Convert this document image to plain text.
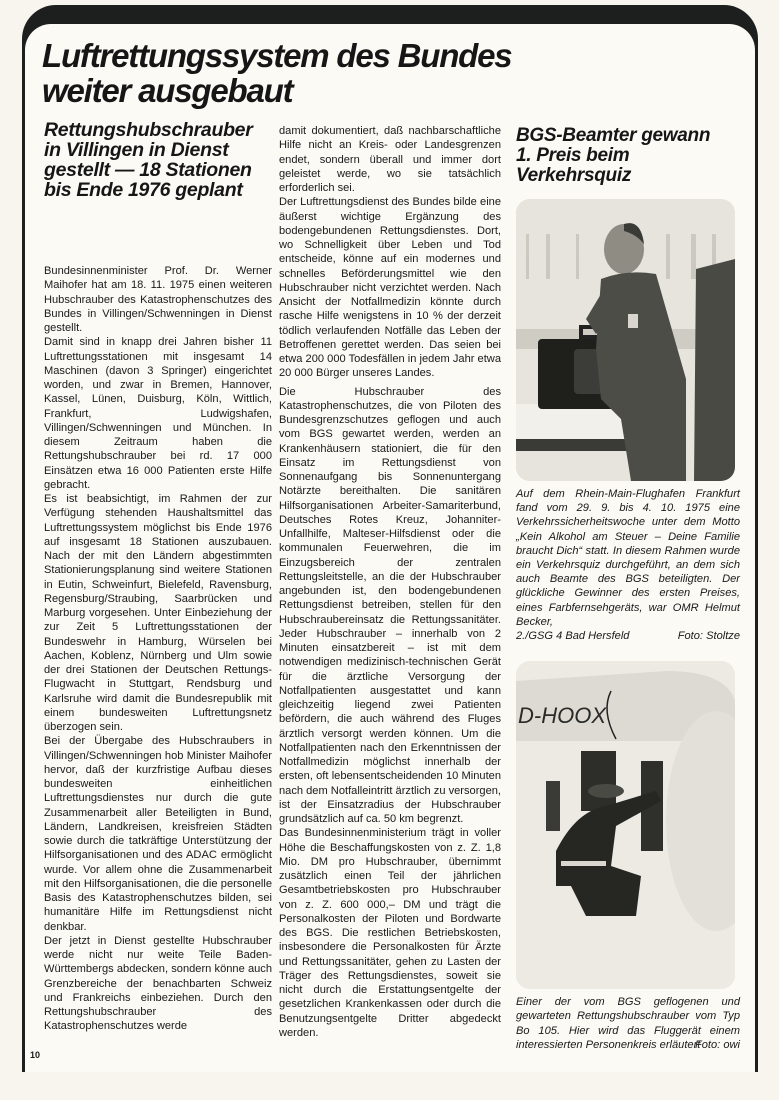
Luftrettungssystem des Bundes
weiter ausgebaut
Rettungshubschrauber in Villingen in Dienst gestellt — 18 Stationen bis Ende 1976 geplant

Bundesinnenminister Prof. Dr. Werner Maihofer hat am 18. 11. 1975 einen weiteren Hubschrauber des Katastrophenschutzes des Bundes in Villingen/Schwenningen in Dienst gestellt.

Damit sind in knapp drei Jahren bisher 11 Luftrettungsstationen mit insgesamt 14 Maschinen (davon 3 Springer) eingerichtet worden, und zwar in Bremen, Hannover, Kassel, Lünen, Duisburg, Köln, Wittlich, Frankfurt, Ludwigshafen, Villingen/Schwenningen und München. In diesem Zeitraum haben die Rettungshubschrauber bei rd. 17 000 Einsätzen etwa 16 000 Patienten erste Hilfe gebracht.

Es ist beabsichtigt, im Rahmen der zur Verfügung stehenden Haushaltsmittel das Luftrettungssystem möglichst bis Ende 1976 auf insgesamt 18 Stationen auszubauen. Nach der mit den Ländern abgestimmten Stationierungsplanung sind weitere Stationen in Eutin, Schweinfurt, Bielefeld, Ravensburg, Regensburg/Straubing, Saarbrücken und Marburg vorgesehen. Unter Einbeziehung der zur Zeit 5 Luftrettungsstationen der Bundeswehr in Hamburg, Würselen bei Aachen, Koblenz, Nürnberg und Ulm sowie der drei Stationen der Deutschen Rettungs-Flugwacht in Stuttgart, Rendsburg und Karlsruhe wird damit die Bundesrepublik mit einem bundesweiten Luftrettungsnetz überzogen sein.

Bei der Übergabe des Hubschraubers in Villingen/Schwenningen hob Minister Maihofer hervor, daß der kurzfristige Aufbau dieses bundesweiten einheitlichen Luftrettungsdienstes nur durch die gute Zusammenarbeit aller Beteiligten in Bund, Ländern, Landkreisen, kreisfreien Städten sowie durch die tatkräftige Unterstützung der Hilfsorganisationen und des ADAC ermöglicht wurde. Vor allem ohne die Zusammenarbeit mit den Hilfsorganisationen, die die personelle Basis des Katastrophenschutzes bilden, sei humanitäre Hilfe im Rettungsdienst nicht denkbar.

Der jetzt in Dienst gestellte Hubschrauber werde nicht nur weite Teile Baden-Württembergs abdecken, sondern könne auch Grenzbereiche der benachbarten Schweiz und Frankreichs einbeziehen. Durch den Rettungshubschrauber des Katastrophenschutzes werde

damit dokumentiert, daß nachbarschaftliche Hilfe nicht an Kreis- oder Landesgrenzen endet, sondern überall und immer dort geleistet werde, wo sie tatsächlich erforderlich sei.

Der Luftrettungsdienst des Bundes bilde eine äußerst wichtige Ergänzung des bodengebundenen Rettungsdienstes. Dort, wo Schnelligkeit über Leben und Tod entscheide, könne auf ein modernes und schnelles Beförderungsmittel wie den Hubschrauber nicht verzichtet werden. Nach Ansicht der Notfallmedizin könnte durch rasche Hilfe wenigstens in 10 % der derzeit tödlich verlaufenden Notfälle das Leben der Betroffenen gerettet werden. Das seien bei etwa 200 000 Todesfällen in jedem Jahr etwa 20 000 Bürger unseres Landes.

Die Hubschrauber des Katastrophenschutzes, die von Piloten des Bundesgrenzschutzes geflogen und auch vom BGS gewartet werden, werden an Krankenhäusern stationiert, die für den Einsatz im Rettungsdienst von Sonnenaufgang bis Sonnenuntergang Notärzte bereithalten. Die sanitären Hilfsorganisationen Arbeiter-Samariterbund, Deutsches Rotes Kreuz, Johanniter-Unfallhilfe, Malteser-Hilfsdienst oder die kommunalen Feuerwehren, die im Einzugsbereich der zentralen Rettungsleitstelle, an die der Hubschrauber angebunden ist, den bodengebundenen Rettungsdienst betreiben, stellen für den Hubschraubereinsatz die Rettungssanitäter. Jeder Hubschrauber – innerhalb von 2 Minuten einsatzbereit – ist mit dem notwendigen medizinisch-technischen Gerät für die ärztliche Versorgung der Notfallpatienten ausgestattet und kann gleichzeitig liegend zwei Patienten befördern, die auch während des Fluges ärztlich versorgt werden können. Um die Notfallpatienten nach den Erkenntnissen der Notfallmedizin möglichst innerhalb der ersten, oft lebensentscheidenden 10 Minuten nach dem Notfalleintritt ärztlich zu versorgen, ist der Einsatzradius der Hubschrauber grundsätzlich auf ca. 50 km begrenzt.

Das Bundesinnenministerium trägt in voller Höhe die Beschaffungskosten von z. Z. 1,8 Mio. DM pro Hubschrauber, übernimmt zusätzlich einen Teil der jährlichen Gesamtbetriebskosten pro Hubschrauber von z. Z. 600 000,– DM und trägt die Personalkosten der Piloten und Bordwarte des BGS. Die restlichen Betriebskosten, insbesondere die Personalkosten für Ärzte und Rettungssanitäter, gehen zu Lasten der Träger des Rettungsdienstes, soweit sie nicht durch die Erstattungsentgelte der gesetzlichen Krankenkassen oder durch die Benutzungsentgelte Dritter abgedeckt werden.

BGS-Beamter gewann 1. Preis beim Verkehrsquiz
Auf dem Rhein-Main-Flughafen Frankfurt fand vom 29. 9. bis 4. 10. 1975 eine Verkehrssicherheitswoche unter dem Motto „Kein Alkohol am Steuer – Deine Familie braucht Dich“ statt. In diesem Rahmen wurde ein Verkehrsquiz durchgeführt, an dem sich auch Beamte des BGS beteiligten. Der glückliche Gewinner des ersten Preises, eines Farbfernsehgeräts, war OMR Helmut Becker,
2./GSG 4 Bad Hersfeld	Foto: Stoltze
D-HOOX
Einer der vom BGS geflogenen und gewarteten Rettungshubschrauber vom Typ Bo 105. Hier wird das Fluggerät einem interessierten Personenkreis erläutert
Foto: owi
10
